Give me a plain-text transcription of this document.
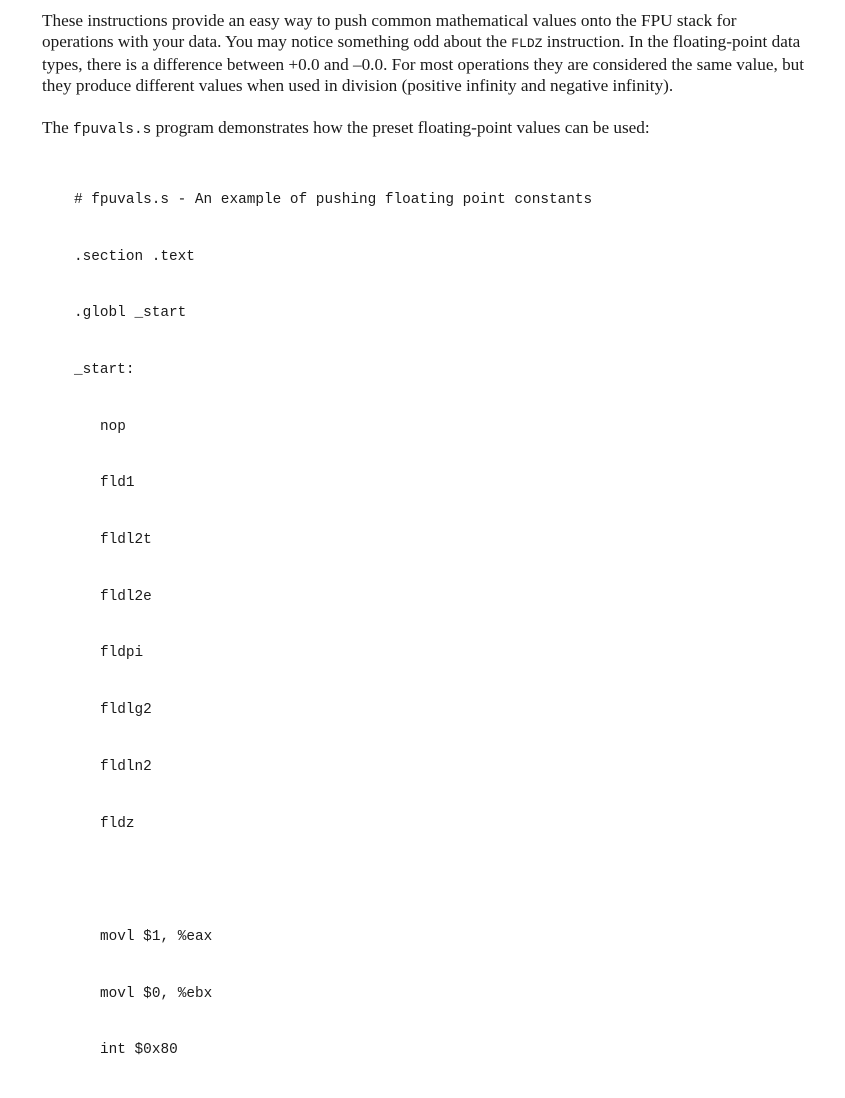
These instructions provide an easy way to push common mathematical values onto the FPU stack for operations with your data. You may notice something odd about the FLDZ instruction. In the floating-point data types, there is a difference between +0.0 and –0.0. For most operations they are considered the same value, but they produce different values when used in division (positive infinity and negative infinity).

The fpuvals.s program demonstrates how the preset floating-point values can be used:

# fpuvals.s - An example of pushing floating point constants

.section .text

.globl _start

_start:

nop

fld1

fldl2t

fldl2e

fldpi

fldlg2

fldln2

fldz

movl $1, %eax

movl $0, %ebx

int $0x80
